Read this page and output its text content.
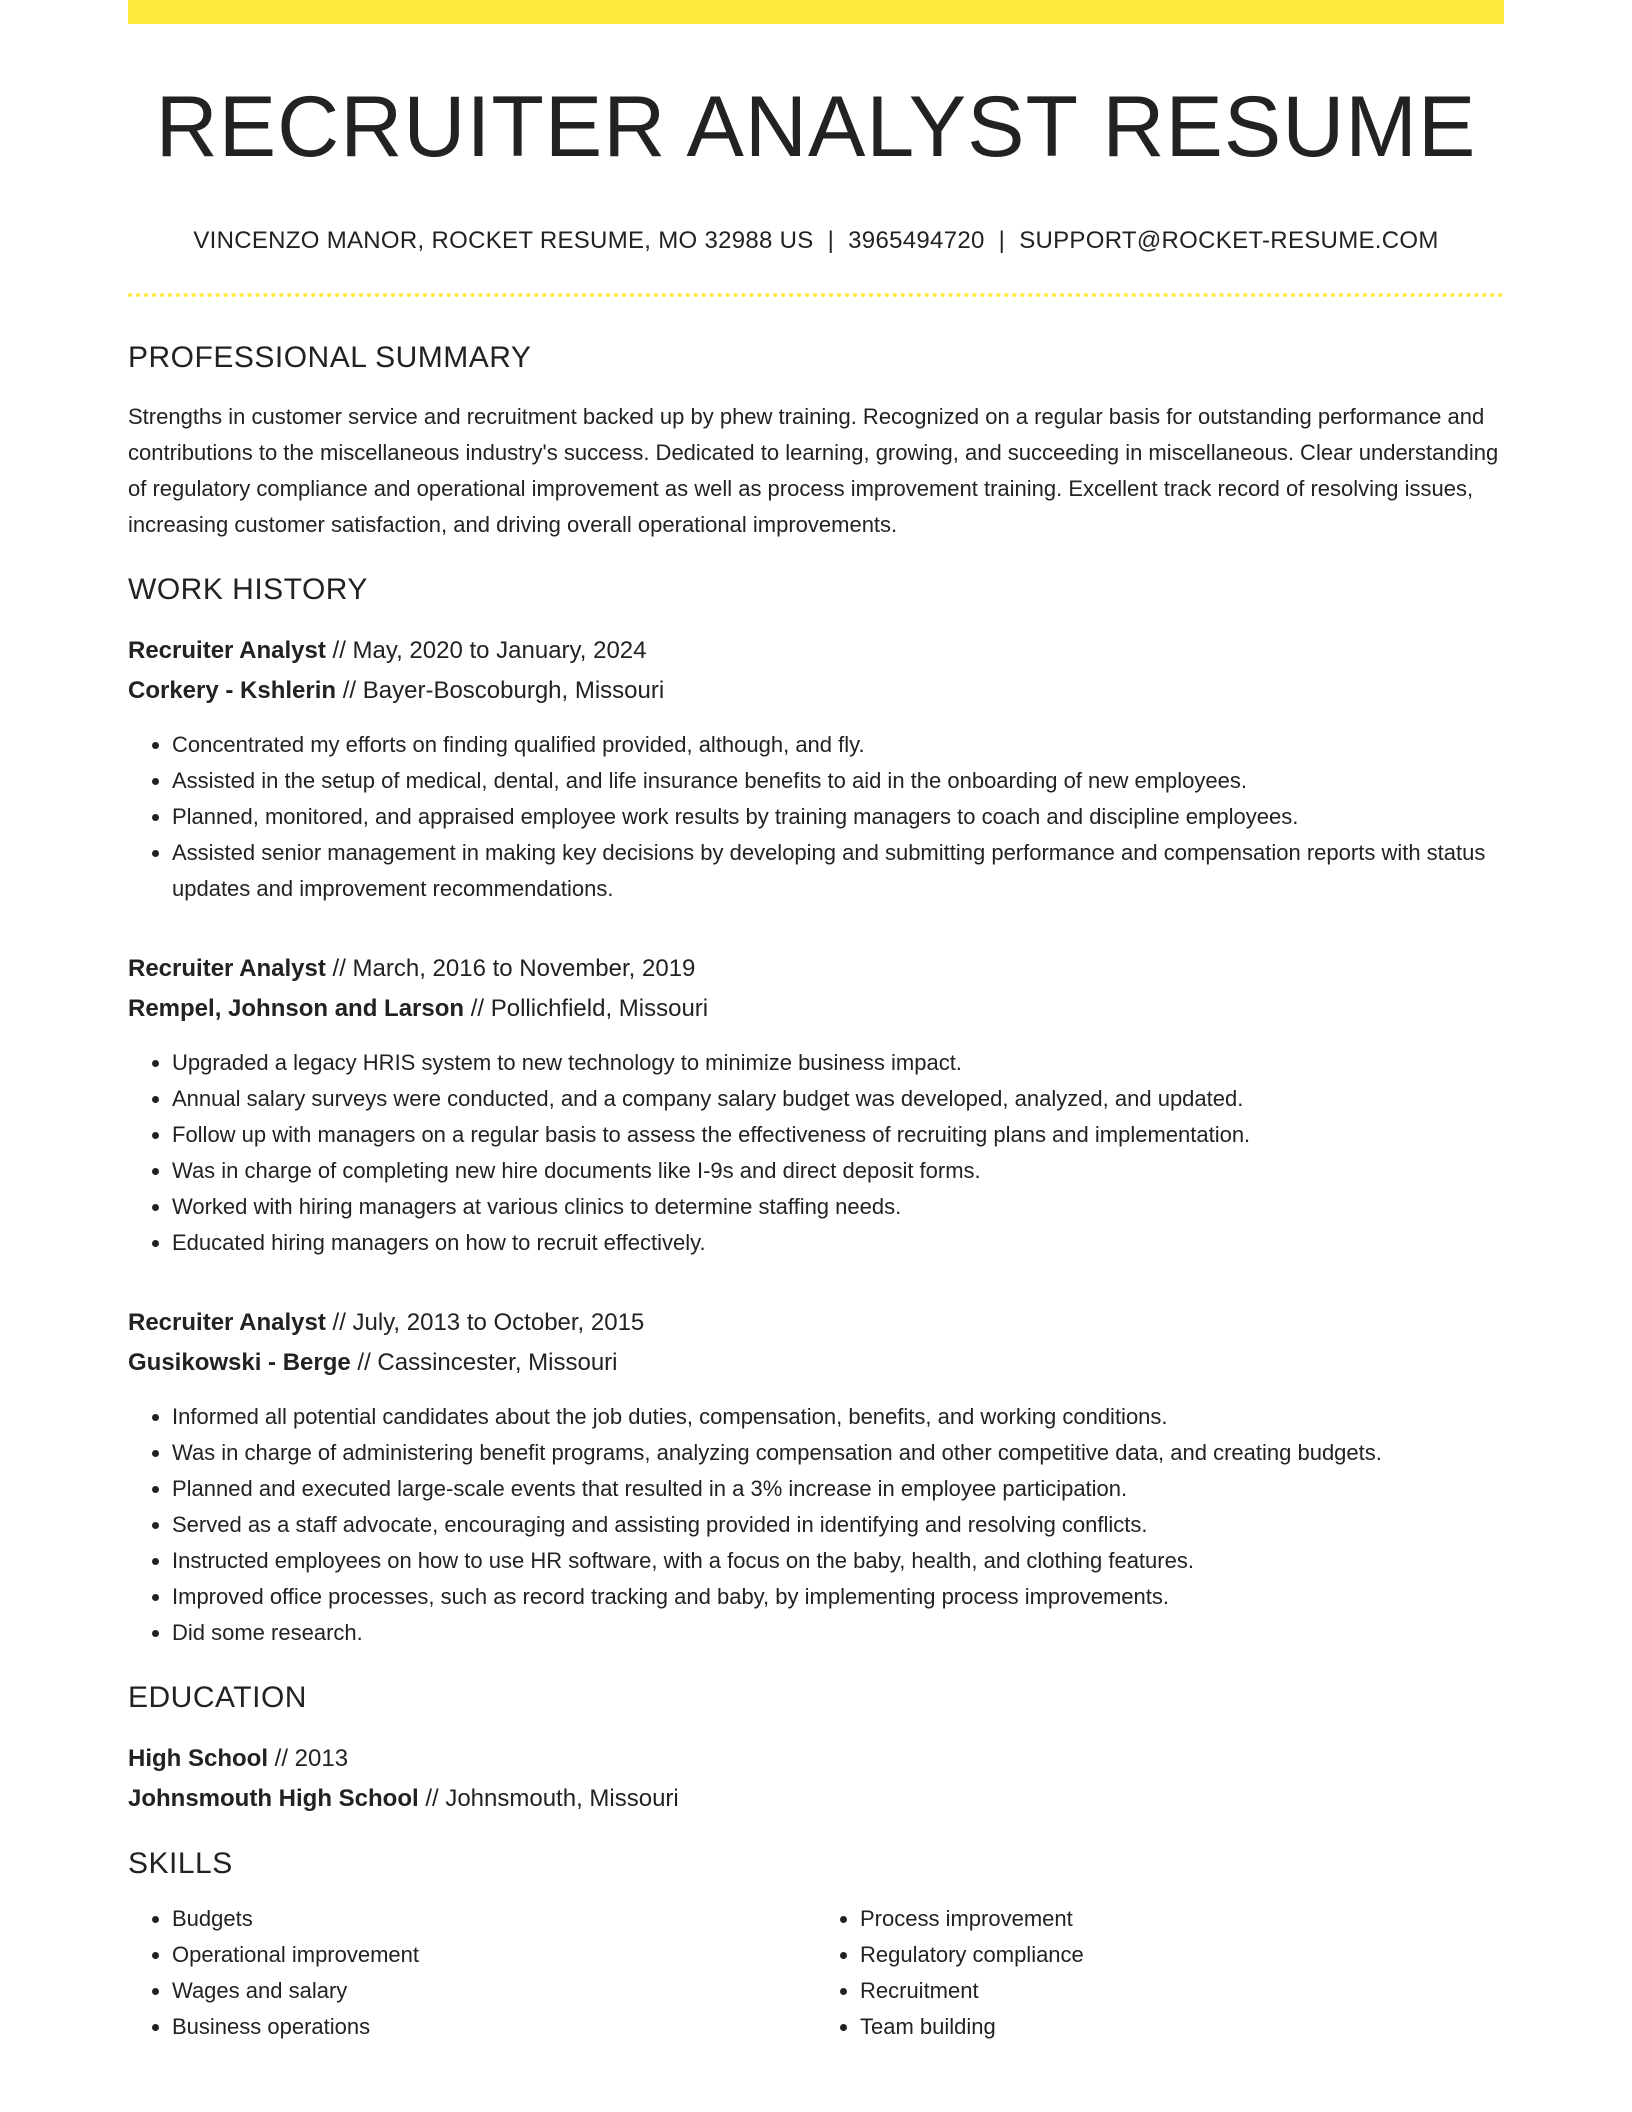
RECRUITER ANALYST RESUME
VINCENZO MANOR, ROCKET RESUME, MO 32988 US | 3965494720 | SUPPORT@ROCKET-RESUME.COM
PROFESSIONAL SUMMARY
Strengths in customer service and recruitment backed up by phew training. Recognized on a regular basis for outstanding performance and contributions to the miscellaneous industry's success. Dedicated to learning, growing, and succeeding in miscellaneous. Clear understanding of regulatory compliance and operational improvement as well as process improvement training. Excellent track record of resolving issues, increasing customer satisfaction, and driving overall operational improvements.
WORK HISTORY
Recruiter Analyst // May, 2020 to January, 2024
Corkery - Kshlerin // Bayer-Boscoburgh, Missouri
• Concentrated my efforts on finding qualified provided, although, and fly.
• Assisted in the setup of medical, dental, and life insurance benefits to aid in the onboarding of new employees.
• Planned, monitored, and appraised employee work results by training managers to coach and discipline employees.
• Assisted senior management in making key decisions by developing and submitting performance and compensation reports with status updates and improvement recommendations.
Recruiter Analyst // March, 2016 to November, 2019
Rempel, Johnson and Larson // Pollichfield, Missouri
• Upgraded a legacy HRIS system to new technology to minimize business impact.
• Annual salary surveys were conducted, and a company salary budget was developed, analyzed, and updated.
• Follow up with managers on a regular basis to assess the effectiveness of recruiting plans and implementation.
• Was in charge of completing new hire documents like I-9s and direct deposit forms.
• Worked with hiring managers at various clinics to determine staffing needs.
• Educated hiring managers on how to recruit effectively.
Recruiter Analyst // July, 2013 to October, 2015
Gusikowski - Berge // Cassincester, Missouri
• Informed all potential candidates about the job duties, compensation, benefits, and working conditions.
• Was in charge of administering benefit programs, analyzing compensation and other competitive data, and creating budgets.
• Planned and executed large-scale events that resulted in a 3% increase in employee participation.
• Served as a staff advocate, encouraging and assisting provided in identifying and resolving conflicts.
• Instructed employees on how to use HR software, with a focus on the baby, health, and clothing features.
• Improved office processes, such as record tracking and baby, by implementing process improvements.
• Did some research.
EDUCATION
High School // 2013
Johnsmouth High School // Johnsmouth, Missouri
SKILLS
• Budgets
• Operational improvement
• Wages and salary
• Business operations
• Process improvement
• Regulatory compliance
• Recruitment
• Team building
